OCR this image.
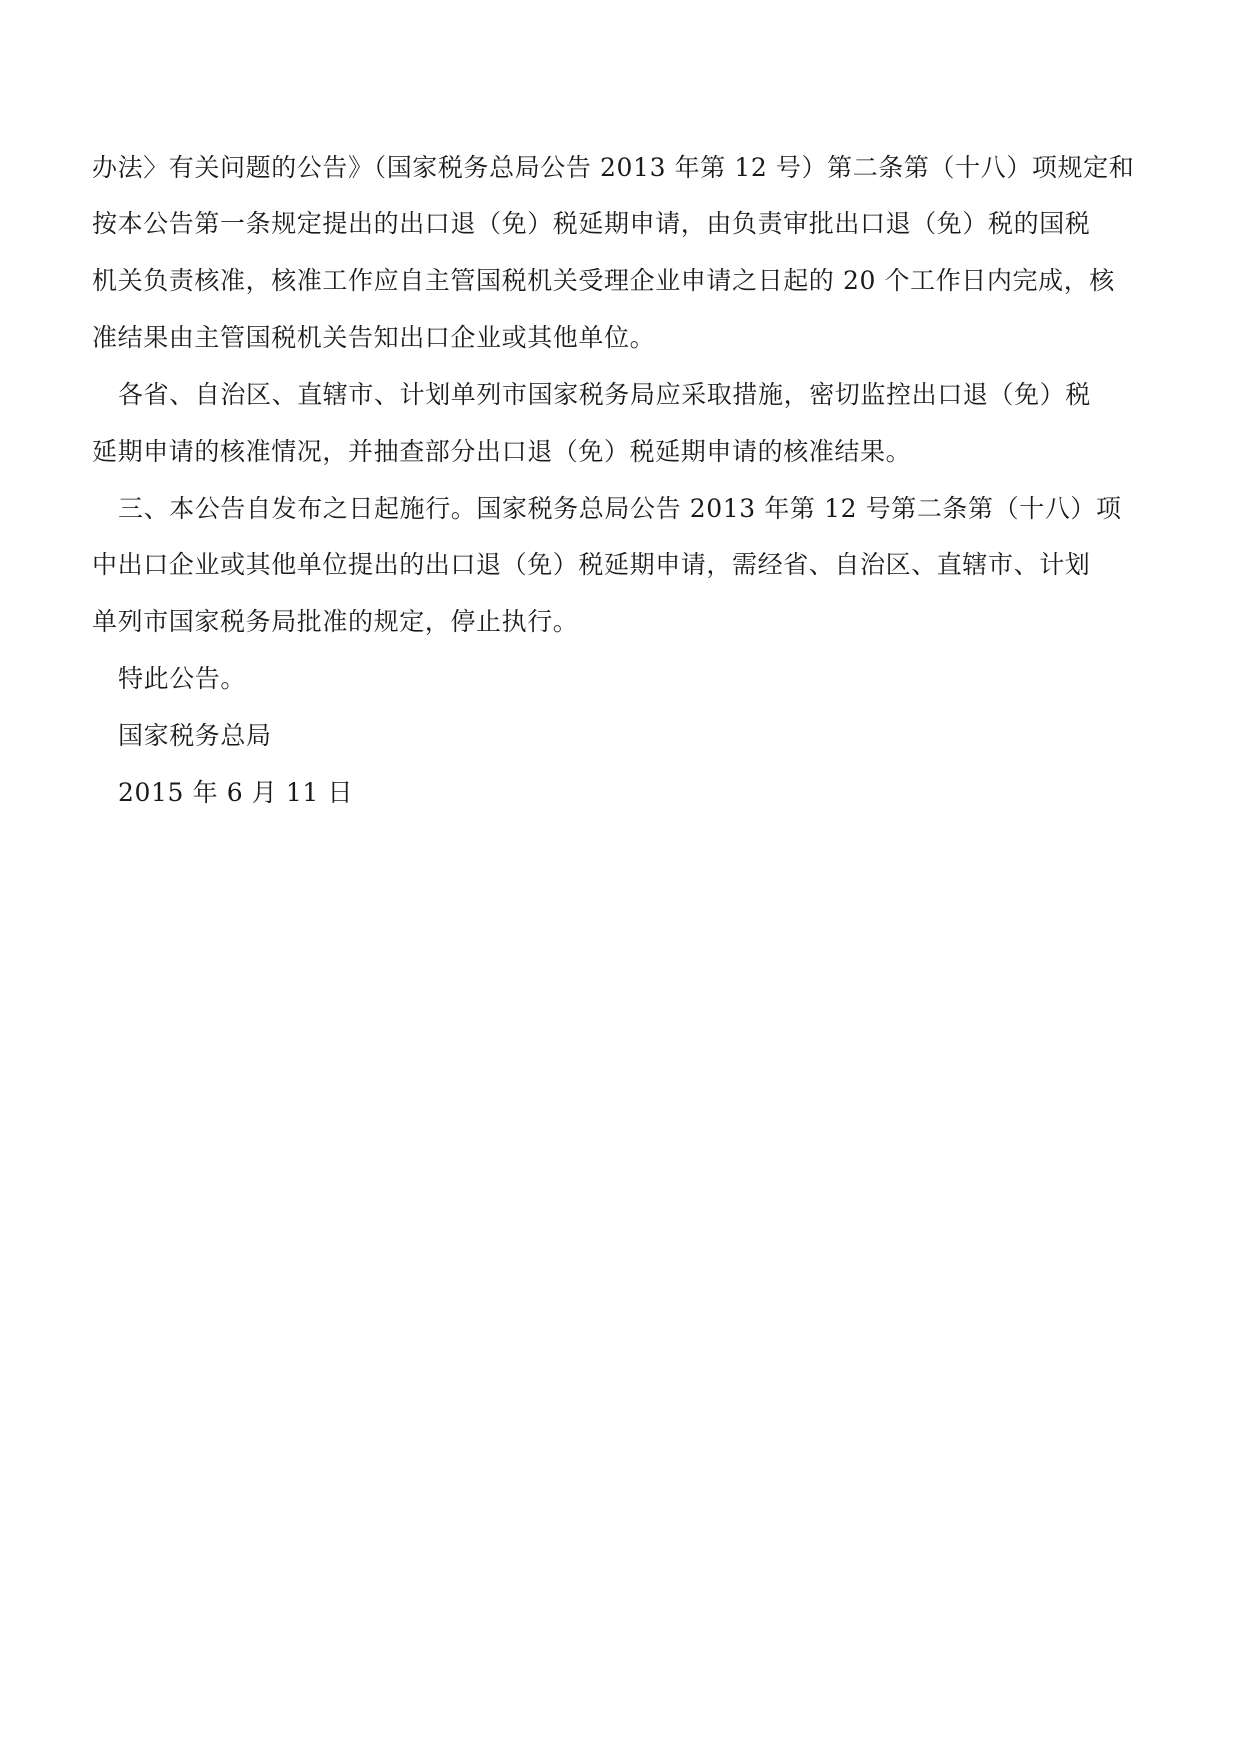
办法〉有关问题的公告》（国家税务总局公告 2013 年第 12 号）第二条第（十八）项规定和
按本公告第一条规定提出的出口退（免）税延期申请，由负责审批出口退（免）税的国税
机关负责核准，核准工作应自主管国税机关受理企业申请之日起的 20 个工作日内完成，核
准结果由主管国税机关告知出口企业或其他单位。
各省、自治区、直辖市、计划单列市国家税务局应采取措施，密切监控出口退（免）税
延期申请的核准情况，并抽查部分出口退（免）税延期申请的核准结果。
三、本公告自发布之日起施行。国家税务总局公告 2013 年第 12 号第二条第（十八）项
中出口企业或其他单位提出的出口退（免）税延期申请，需经省、自治区、直辖市、计划
单列市国家税务局批准的规定，停止执行。
特此公告。
国家税务总局
2015 年 6 月 11 日
